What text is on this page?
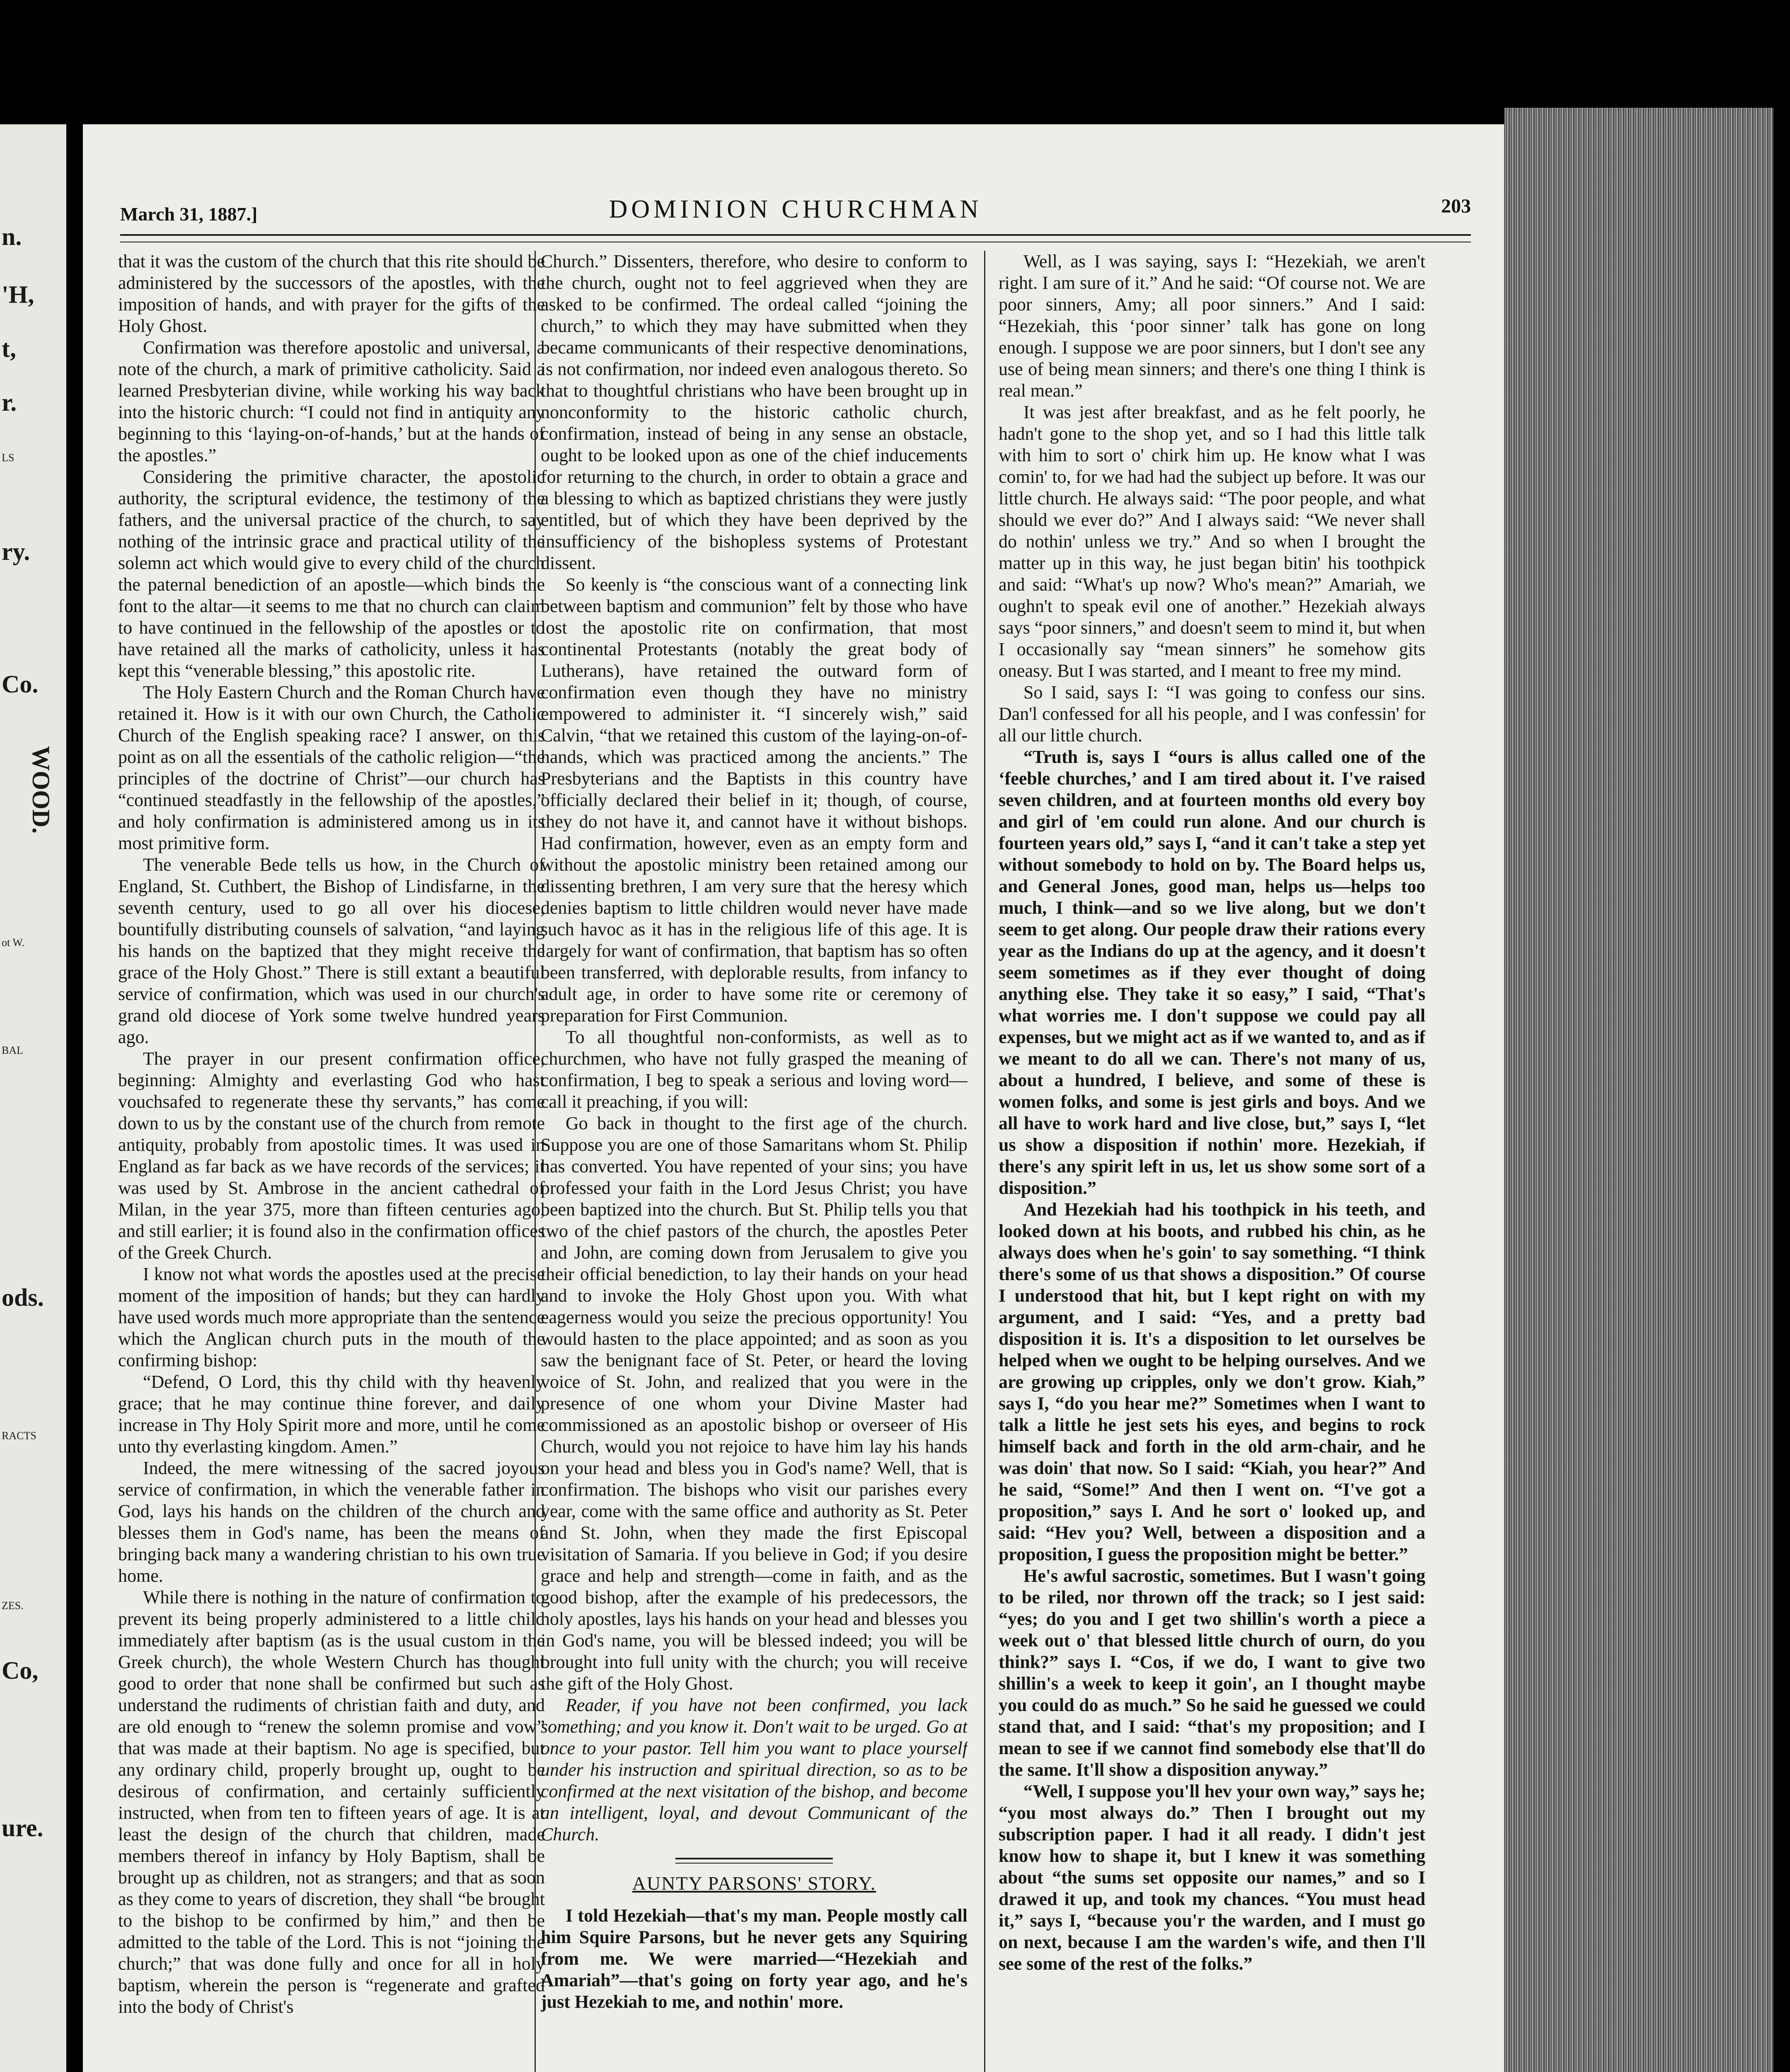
n.
'H,
t,
r.
LS
ry.
Co.
WOOD.
ot W.
BAL
ods.
RACTS
ZES.
Co,
ure.
March 31, 1887.]	DOMINION CHURCHMAN	203

that it was the custom of the church that this rite should be administered by the successors of the apostles, with the imposition of hands, and with prayer for the gifts of the Holy Ghost.

Confirmation was therefore apostolic and universal, a note of the church, a mark of primitive catholicity. Said a learned Presbyterian divine, while working his way back into the historic church: “I could not find in antiquity any beginning to this ‘laying-on-of-hands,’ but at the hands of the apostles.”

Considering the primitive character, the apostolic authority, the scriptural evidence, the testimony of the fathers, and the universal practice of the church, to say nothing of the intrinsic grace and practical utility of the solemn act which would give to every child of the church the paternal benediction of an apostle—which binds the font to the altar—it seems to me that no church can claim to have continued in the fellowship of the apostles or to have retained all the marks of catholicity, unless it has kept this “venerable blessing,” this apostolic rite.

The Holy Eastern Church and the Roman Church have retained it. How is it with our own Church, the Catholic Church of the English speaking race? I answer, on this point as on all the essentials of the catholic religion—“the principles of the doctrine of Christ”—our church has “continued steadfastly in the fellowship of the apostles,” and holy confirmation is administered among us in its most primitive form.

The venerable Bede tells us how, in the Church of England, St. Cuthbert, the Bishop of Lindisfarne, in the seventh century, used to go all over his diocese, bountifully distributing counsels of salvation, “and laying his hands on the baptized that they might receive the grace of the Holy Ghost.” There is still extant a beautiful service of confirmation, which was used in our church's grand old diocese of York some twelve hundred years ago.

The prayer in our present confirmation office, beginning: Almighty and everlasting God who hast vouchsafed to regenerate these thy servants,” has come down to us by the constant use of the church from remote antiquity, probably from apostolic times. It was used in England as far back as we have records of the services; it was used by St. Ambrose in the ancient cathedral of Milan, in the year 375, more than fifteen centuries ago, and still earlier; it is found also in the confirmation offices of the Greek Church.

I know not what words the apostles used at the precise moment of the imposition of hands; but they can hardly have used words much more appropriate than the sentence which the Anglican church puts in the mouth of the confirming bishop:

“Defend, O Lord, this thy child with thy heavenly grace; that he may continue thine forever, and daily increase in Thy Holy Spirit more and more, until he come unto thy everlasting kingdom. Amen.”

Indeed, the mere witnessing of the sacred joyous service of confirmation, in which the venerable father in God, lays his hands on the children of the church and blesses them in God's name, has been the means of bringing back many a wandering christian to his own true home.

While there is nothing in the nature of confirmation to prevent its being properly administered to a little child immediately after baptism (as is the usual custom in the Greek church), the whole Western Church has thought good to order that none shall be confirmed but such as understand the rudiments of christian faith and duty, and are old enough to “renew the solemn promise and vow” that was made at their baptism. No age is specified, but any ordinary child, properly brought up, ought to be desirous of confirmation, and certainly sufficiently instructed, when from ten to fifteen years of age. It is at least the design of the church that children, made members thereof in infancy by Holy Baptism, shall be brought up as children, not as strangers; and that as soon as they come to years of discretion, they shall “be brought to the bishop to be confirmed by him,” and then be admitted to the table of the Lord. This is not “joining the church;” that was done fully and once for all in holy baptism, wherein the person is “regenerate and grafted into the body of Christ's

Church.” Dissenters, therefore, who desire to conform to the church, ought not to feel aggrieved when they are asked to be confirmed. The ordeal called “joining the church,” to which they may have submitted when they became communicants of their respective denominations, is not confirmation, nor indeed even analogous thereto. So that to thoughtful christians who have been brought up in nonconformity to the historic catholic church, confirmation, instead of being in any sense an obstacle, ought to be looked upon as one of the chief inducements for returning to the church, in order to obtain a grace and a blessing to which as baptized christians they were justly entitled, but of which they have been deprived by the insufficiency of the bishopless systems of Protestant dissent.

So keenly is “the conscious want of a connecting link between baptism and communion” felt by those who have lost the apostolic rite on confirmation, that most continental Protestants (notably the great body of Lutherans), have retained the outward form of confirmation even though they have no ministry empowered to administer it. “I sincerely wish,” said Calvin, “that we retained this custom of the laying-on-of-hands, which was practiced among the ancients.” The Presbyterians and the Baptists in this country have officially declared their belief in it; though, of course, they do not have it, and cannot have it without bishops. Had confirmation, however, even as an empty form and without the apostolic ministry been retained among our dissenting brethren, I am very sure that the heresy which denies baptism to little children would never have made such havoc as it has in the religious life of this age. It is largely for want of confirmation, that baptism has so often been transferred, with deplorable results, from infancy to adult age, in order to have some rite or ceremony of preparation for First Communion.

To all thoughtful non-conformists, as well as to churchmen, who have not fully grasped the meaning of confirmation, I beg to speak a serious and loving word—call it preaching, if you will:

Go back in thought to the first age of the church. Suppose you are one of those Samaritans whom St. Philip has converted. You have repented of your sins; you have professed your faith in the Lord Jesus Christ; you have been baptized into the church. But St. Philip tells you that two of the chief pastors of the church, the apostles Peter and John, are coming down from Jerusalem to give you their official benediction, to lay their hands on your head and to invoke the Holy Ghost upon you. With what eagerness would you seize the precious opportunity! You would hasten to the place appointed; and as soon as you saw the benignant face of St. Peter, or heard the loving voice of St. John, and realized that you were in the presence of one whom your Divine Master had commissioned as an apostolic bishop or overseer of His Church, would you not rejoice to have him lay his hands on your head and bless you in God's name? Well, that is confirmation. The bishops who visit our parishes every year, come with the same office and authority as St. Peter and St. John, when they made the first Episcopal visitation of Samaria. If you believe in God; if you desire grace and help and strength—come in faith, and as the good bishop, after the example of his predecessors, the holy apostles, lays his hands on your head and blesses you in God's name, you will be blessed indeed; you will be brought into full unity with the church; you will receive the gift of the Holy Ghost.

Reader, if you have not been confirmed, you lack something; and you know it. Don't wait to be urged. Go at once to your pastor. Tell him you want to place yourself under his instruction and spiritual direction, so as to be confirmed at the next visitation of the bishop, and become an intelligent, loyal, and devout Communicant of the Church.

AUNTY PARSONS' STORY.

I told Hezekiah—that's my man. People mostly call him Squire Parsons, but he never gets any Squiring from me. We were married—“Hezekiah and Amariah”—that's going on forty year ago, and he's just Hezekiah to me, and nothin' more.

Well, as I was saying, says I: “Hezekiah, we aren't right. I am sure of it.” And he said: “Of course not. We are poor sinners, Amy; all poor sinners.” And I said: “Hezekiah, this ‘poor sinner’ talk has gone on long enough. I suppose we are poor sinners, but I don't see any use of being mean sinners; and there's one thing I think is real mean.”

It was jest after breakfast, and as he felt poorly, he hadn't gone to the shop yet, and so I had this little talk with him to sort o' chirk him up. He know what I was comin' to, for we had had the subject up before. It was our little church. He always said: “The poor people, and what should we ever do?” And I always said: “We never shall do nothin' unless we try.” And so when I brought the matter up in this way, he just began bitin' his toothpick and said: “What's up now? Who's mean?” Amariah, we oughn't to speak evil one of another.” Hezekiah always says “poor sinners,” and doesn't seem to mind it, but when I occasionally say “mean sinners” he somehow gits oneasy. But I was started, and I meant to free my mind.

So I said, says I: “I was going to confess our sins. Dan'l confessed for all his people, and I was confessin' for all our little church.

“Truth is, says I “ours is allus called one of the ‘feeble churches,’ and I am tired about it. I've raised seven children, and at fourteen months old every boy and girl of 'em could run alone. And our church is fourteen years old,” says I, “and it can't take a step yet without somebody to hold on by. The Board helps us, and General Jones, good man, helps us—helps too much, I think—and so we live along, but we don't seem to get along. Our people draw their rations every year as the Indians do up at the agency, and it doesn't seem sometimes as if they ever thought of doing anything else. They take it so easy,” I said, “That's what worries me. I don't suppose we could pay all expenses, but we might act as if we wanted to, and as if we meant to do all we can. There's not many of us, about a hundred, I believe, and some of these is women folks, and some is jest girls and boys. And we all have to work hard and live close, but,” says I, “let us show a disposition if nothin' more. Hezekiah, if there's any spirit left in us, let us show some sort of a disposition.”

And Hezekiah had his toothpick in his teeth, and looked down at his boots, and rubbed his chin, as he always does when he's goin' to say something. “I think there's some of us that shows a disposition.” Of course I understood that hit, but I kept right on with my argument, and I said: “Yes, and a pretty bad disposition it is. It's a disposition to let ourselves be helped when we ought to be helping ourselves. And we are growing up cripples, only we don't grow. Kiah,” says I, “do you hear me?” Sometimes when I want to talk a little he jest sets his eyes, and begins to rock himself back and forth in the old arm-chair, and he was doin' that now. So I said: “Kiah, you hear?” And he said, “Some!” And then I went on. “I've got a proposition,” says I. And he sort o' looked up, and said: “Hev you? Well, between a disposition and a proposition, I guess the proposition might be better.”

He's awful sacrostic, sometimes. But I wasn't going to be riled, nor thrown off the track; so I jest said: “yes; do you and I get two shillin's worth a piece a week out o' that blessed little church of ourn, do you think?” says I. “Cos, if we do, I want to give two shillin's a week to keep it goin', an I thought maybe you could do as much.” So he said he guessed we could stand that, and I said: “that's my proposition; and I mean to see if we cannot find somebody else that'll do the same. It'll show a disposition anyway.”

“Well, I suppose you'll hev your own way,” says he; “you most always do.” Then I brought out my subscription paper. I had it all ready. I didn't jest know how to shape it, but I knew it was something about “the sums set opposite our names,” and so I drawed it up, and took my chances. “You must head it,” says I, “because you'r the warden, and I must go on next, because I am the warden's wife, and then I'll see some of the rest of the folks.”
